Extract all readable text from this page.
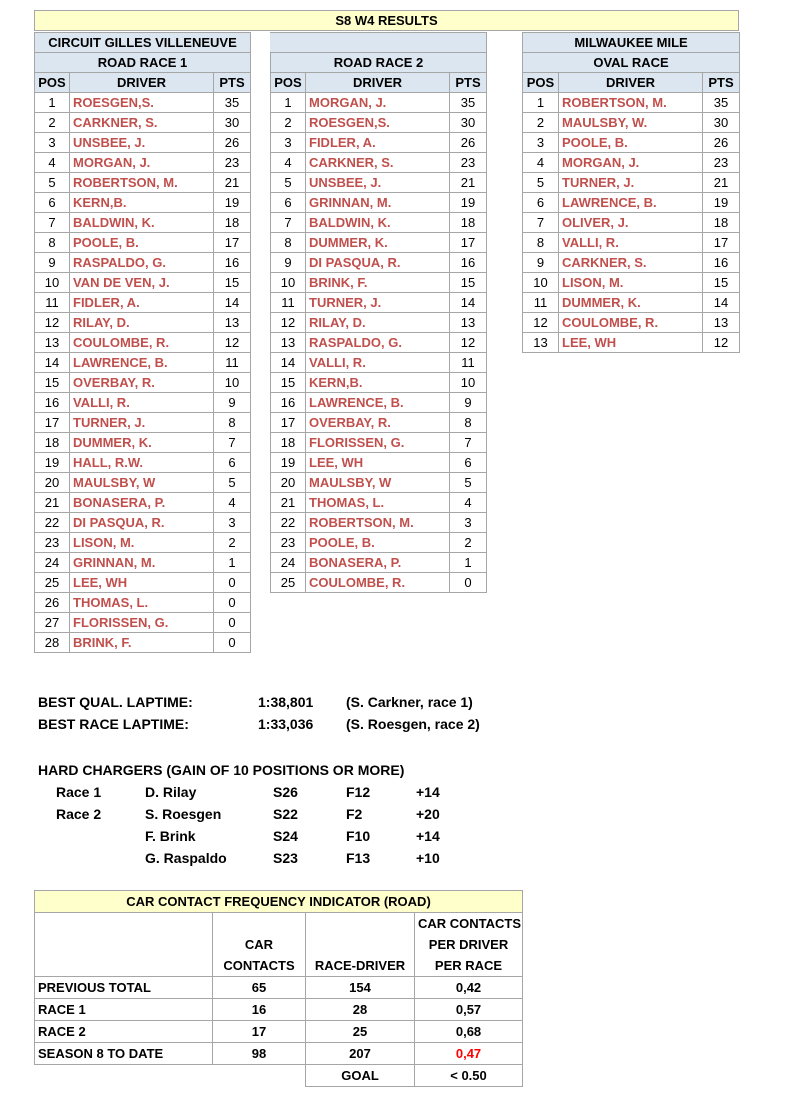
S8 W4 RESULTS
CIRCUIT GILLES VILLENEUVE		
ROAD RACE 1		
POS	DRIVER	PTS
1	ROESGEN,S.	35
2	CARKNER, S.	30
3	UNSBEE, J.	26
4	MORGAN, J.	23
5	ROBERTSON, M.	21
6	KERN,B.	19
7	BALDWIN, K.	18
8	POOLE, B.	17
9	RASPALDO, G.	16
10	VAN DE VEN, J.	15
11	FIDLER, A.	14
12	RILAY, D.	13
13	COULOMBE, R.	12
14	LAWRENCE, B.	11
15	OVERBAY, R.	10
16	VALLI, R.	9
17	TURNER, J.	8
18	DUMMER, K.	7
19	HALL, R.W.	6
20	MAULSBY, W	5
21	BONASERA, P.	4
22	DI PASQUA, R.	3
23	LISON, M.	2
24	GRINNAN, M.	1
25	LEE, WH	0
26	THOMAS, L.	0
27	FLORISSEN, G.	0
28	BRINK, F.	0

ROAD RACE 2		
POS	DRIVER	PTS
1	MORGAN, J.	35
2	ROESGEN,S.	30
3	FIDLER, A.	26
4	CARKNER, S.	23
5	UNSBEE, J.	21
6	GRINNAN, M.	19
7	BALDWIN, K.	18
8	DUMMER, K.	17
9	DI PASQUA, R.	16
10	BRINK, F.	15
11	TURNER, J.	14
12	RILAY, D.	13
13	RASPALDO, G.	12
14	VALLI, R.	11
15	KERN,B.	10
16	LAWRENCE, B.	9
17	OVERBAY, R.	8
18	FLORISSEN, G.	7
19	LEE, WH	6
20	MAULSBY, W	5
21	THOMAS, L.	4
22	ROBERTSON, M.	3
23	POOLE, B.	2
24	BONASERA, P.	1
25	COULOMBE, R.	0
MILWAUKEE MILE		
OVAL RACE		
POS	DRIVER	PTS
1	ROBERTSON, M.	35
2	MAULSBY, W.	30
3	POOLE, B.	26
4	MORGAN, J.	23
5	TURNER, J.	21
6	LAWRENCE, B.	19
7	OLIVER, J.	18
8	VALLI, R.	17
9	CARKNER, S.	16
10	LISON, M.	15
11	DUMMER, K.	14
12	COULOMBE, R.	13
13	LEE, WH	12
BEST QUAL. LAPTIME:	1:38,801 (S. Carkner, race 1)
BEST RACE LAPTIME:	1:33,036 (S. Roesgen, race 2)
HARD CHARGERS (GAIN OF 10 POSITIONS OR MORE)
Race 1	D. Rilay	S26	F12	+14
Race 2	S. Roesgen	S22	F2	+20
F. Brink	S24	F10	+14
G. Raspaldo	S23	F13	+10
CAR CONTACT FREQUENCY INDICATOR (ROAD)			
			CAR CONTACTS
	CAR		PER DRIVER
	CONTACTS	RACE-DRIVER	PER RACE
PREVIOUS TOTAL	65	154	0,42
RACE 1	16	28	0,57
RACE 2	17	25	0,68
SEASON 8 TO DATE	98	207	0,47
		GOAL	< 0.50
